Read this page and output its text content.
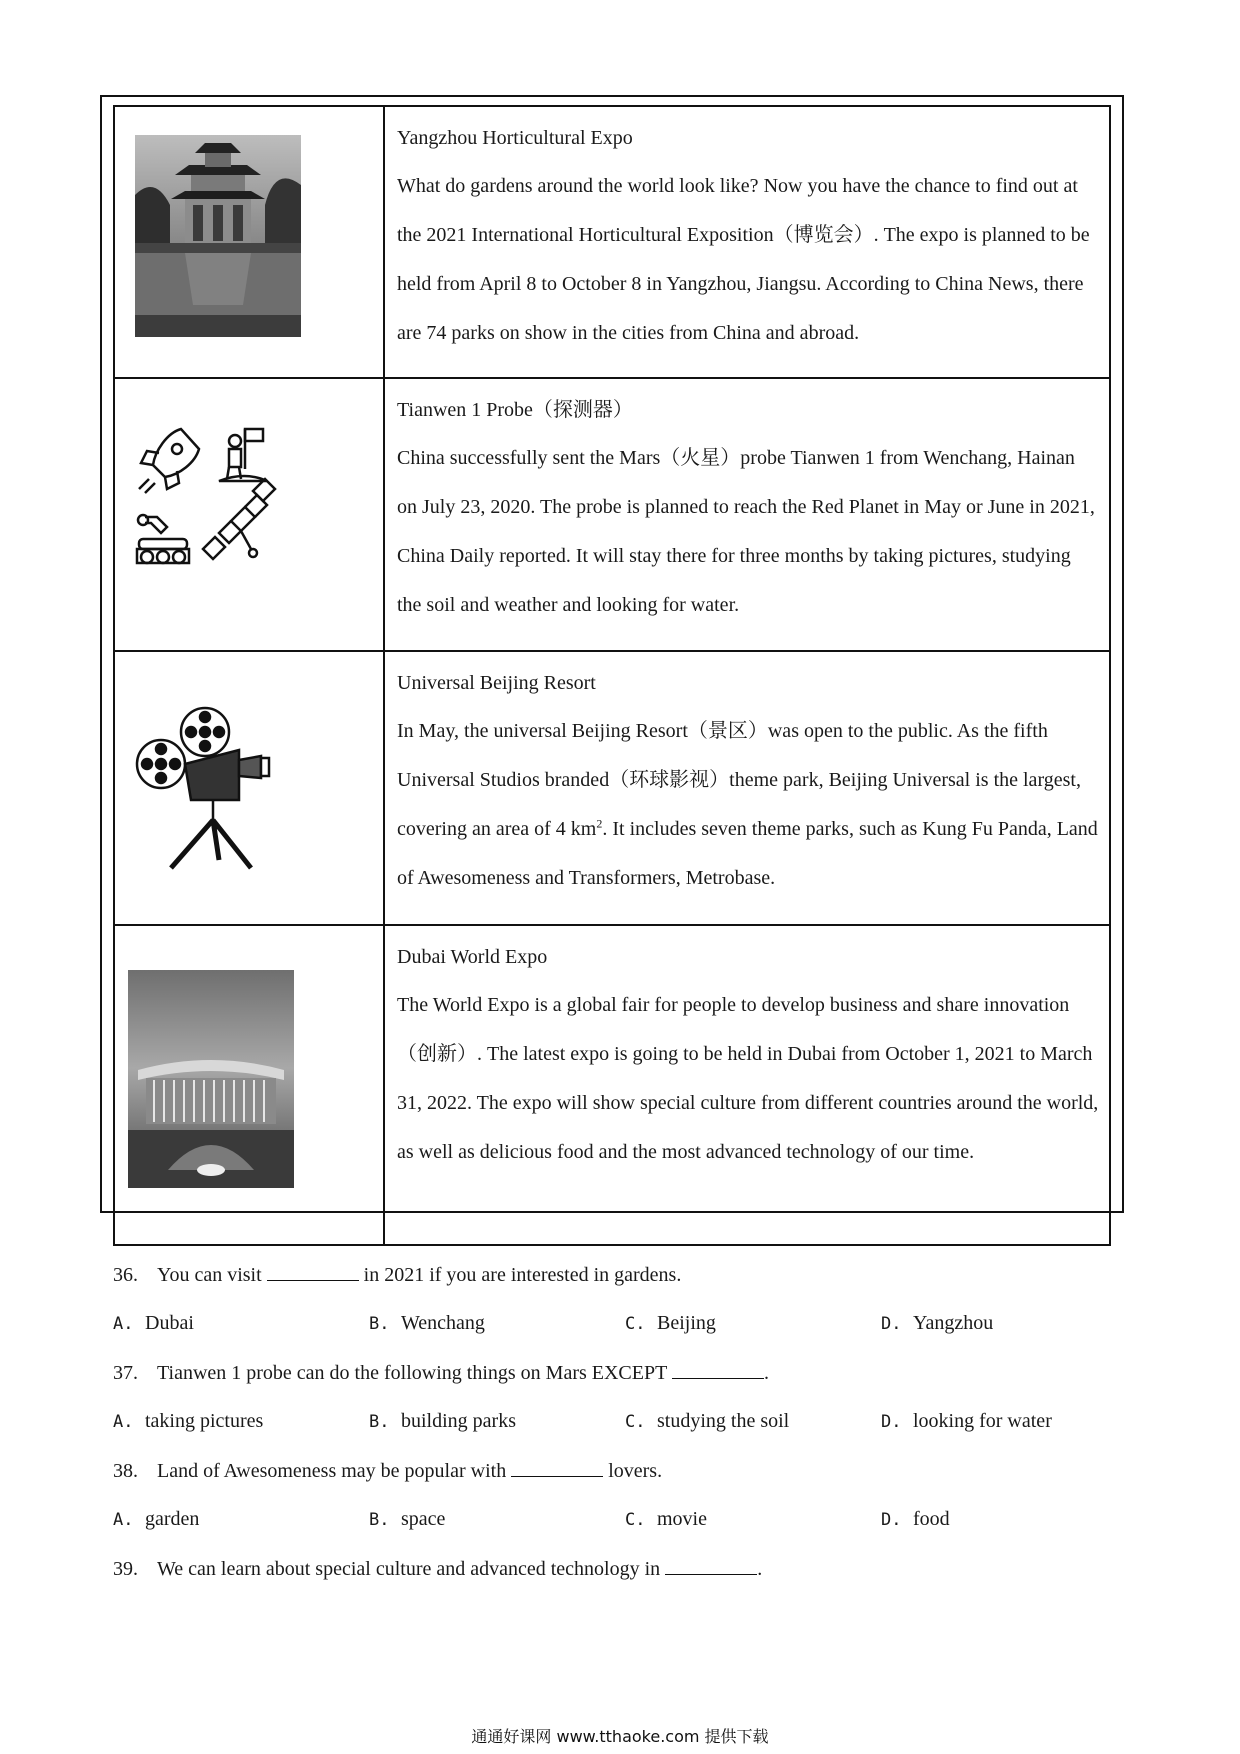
Yangzhou Horticultural Expo

What do gardens around the world look like? Now you have the chance to find out at the 2021 International Horticultural Exposition（博览会）. The expo is planned to be held from April 8 to October 8 in Yangzhou, Jiangsu. According to China News, there are 74 parks on show in the cities from China and abroad.

Tianwen 1 Probe（探测器）

China successfully sent the Mars（火星）probe Tianwen 1 from Wenchang, Hainan on July 23, 2020. The probe is planned to reach the Red Planet in May or June in 2021, China Daily reported. It will stay there for three months by taking pictures, studying the soil and weather and looking for water.

Universal Beijing Resort

In May, the universal Beijing Resort（景区）was open to the public. As the fifth Universal Studios branded（环球影视）theme park, Beijing Universal is the largest, covering an area of 4 $km^2$. It includes seven theme parks, such as Kung Fu Panda, Land of Awesomeness and Transformers, Metrobase.

Dubai World Expo

The World Expo is a global fair for people to develop business and share innovation（创新）. The latest expo is going to be held in Dubai from October 1, 2021 to March 31, 2022. The expo will show special culture from different countries around the world, as well as delicious food and the most advanced technology of our time.

36. You can visit	in 2021 if you are interested in gardens.
A. Dubai	B. Wenchang	C. Beijing	D. Yangzhou
37. Tianwen 1 probe can do the following things on Mars EXCEPT	.
A. taking pictures	B. building parks	C. studying the soil	D. looking for water
38. Land of Awesomeness may be popular with	lovers.
A. garden	B. space	C. movie	D. food
39. We can learn about special culture and advanced technology in	.
通通好课网 www.tthaoke.com 提供下载
